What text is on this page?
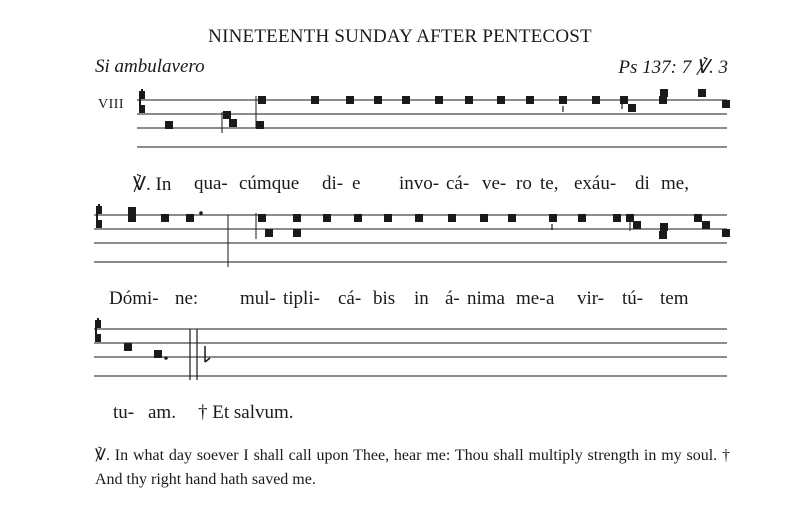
NINETEENTH SUNDAY AFTER PENTECOST
Si ambulavero	Ps 137: 7 ℣. 3
VIII
℣. In qua- cúmque di- e invo- cá- ve- ro te, exáu- di me,
Dómi- ne: mul- tipli- cá- bis in á- nima me- a vir- tú- tem
tu- am. † Et salvum.
℣. In what day soever I shall call upon Thee, hear me: Thou shall multiply strength in my soul. † And thy right hand hath saved me.
